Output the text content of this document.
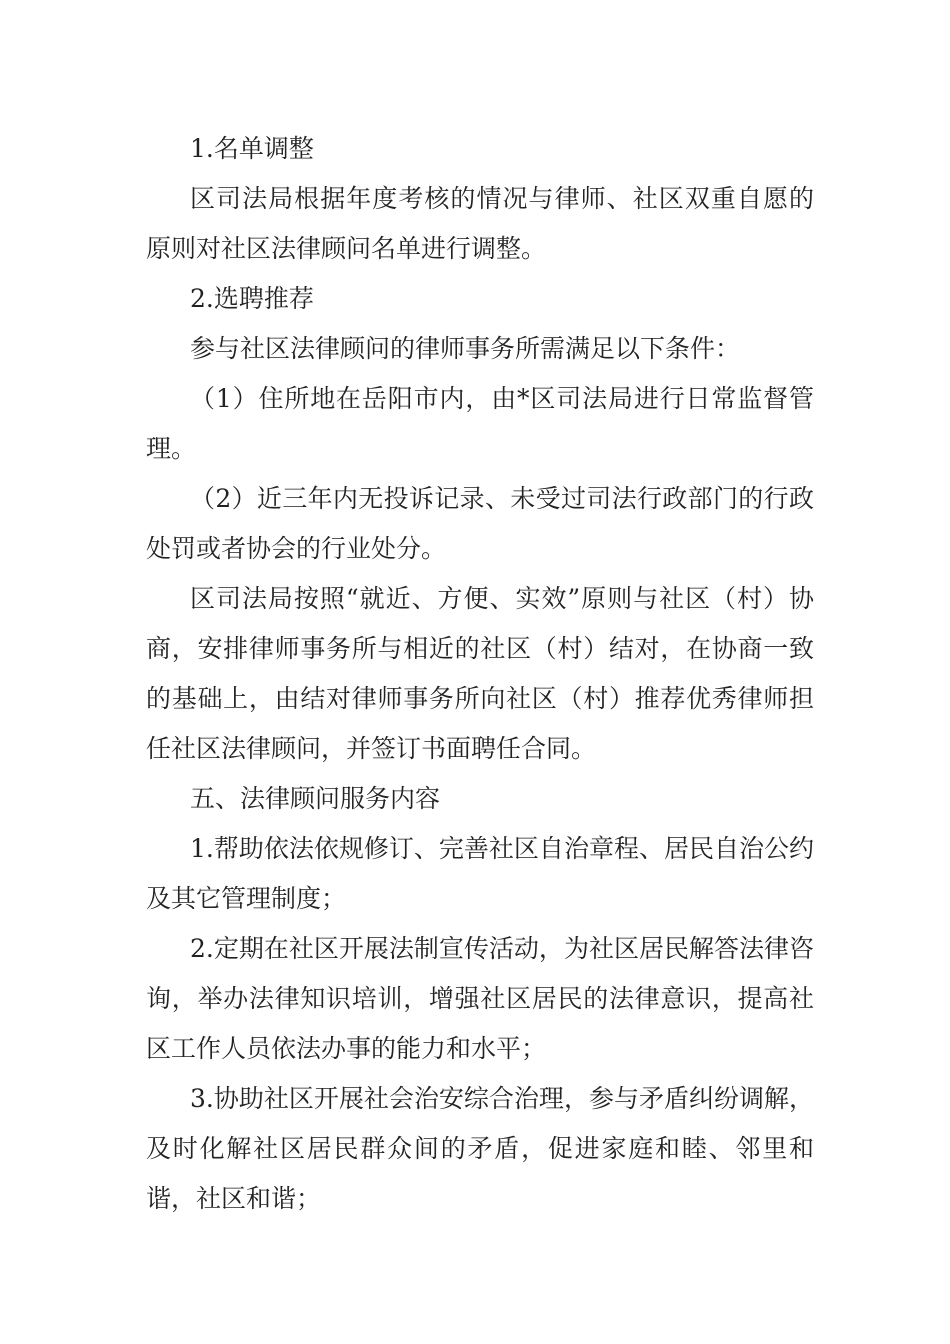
1.名单调整

区司法局根据年度考核的情况与律师、社区双重自愿的原则对社区法律顾问名单进行调整。

2.选聘推荐

参与社区法律顾问的律师事务所需满足以下条件：

（1）住所地在岳阳市内，由*区司法局进行日常监督管理。

（2）近三年内无投诉记录、未受过司法行政部门的行政处罚或者协会的行业处分。

区司法局按照“就近、方便、实效”原则与社区（村）协商，安排律师事务所与相近的社区（村）结对，在协商一致的基础上，由结对律师事务所向社区（村）推荐优秀律师担任社区法律顾问，并签订书面聘任合同。

五、法律顾问服务内容

1.帮助依法依规修订、完善社区自治章程、居民自治公约及其它管理制度；

2.定期在社区开展法制宣传活动，为社区居民解答法律咨询，举办法律知识培训，增强社区居民的法律意识，提高社区工作人员依法办事的能力和水平；

3.协助社区开展社会治安综合治理，参与矛盾纠纷调解，及时化解社区居民群众间的矛盾，促进家庭和睦、邻里和谐，社区和谐；
